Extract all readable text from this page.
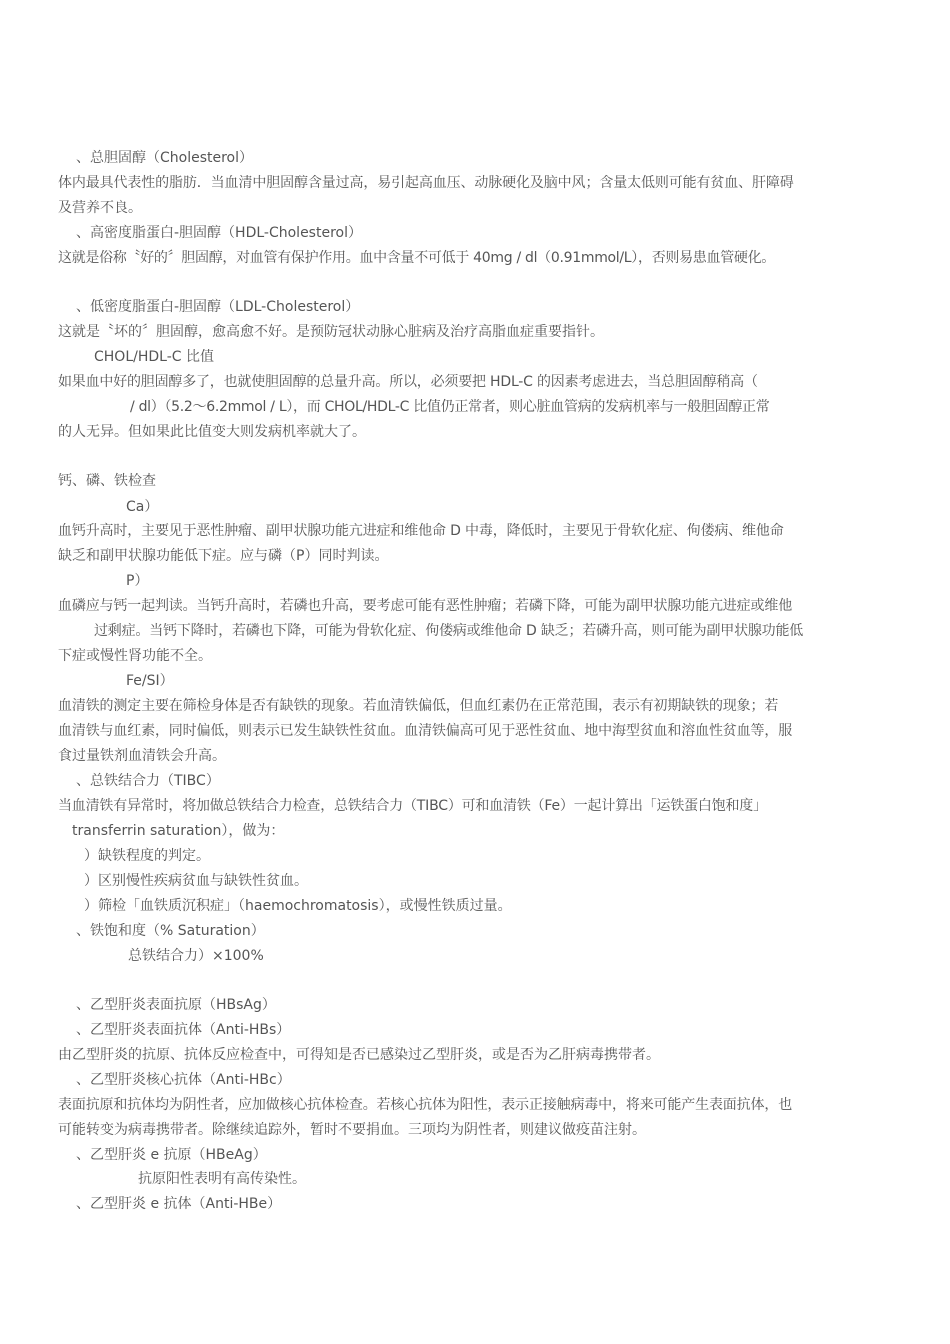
、总胆固醇（Cholesterol）
体内最具代表性的脂肪．当血清中胆固醇含量过高，易引起高血压、动脉硬化及脑中风；含量太低则可能有贫血、肝障碍
及营养不良。
、高密度脂蛋白-胆固醇（HDL-Cholesterol）
这就是俗称〝好的〞胆固醇，对血管有保护作用。血中含量不可低于 40mg / dl（0.91mmol/L），否则易患血管硬化。
、低密度脂蛋白-胆固醇（LDL-Cholesterol）
这就是〝坏的〞胆固醇，愈高愈不好。是预防冠状动脉心脏病及治疗高脂血症重要指针。
CHOL/HDL-C 比值
如果血中好的胆固醇多了，也就使胆固醇的总量升高。所以，必须要把 HDL-C 的因素考虑进去，当总胆固醇稍高（
/ dl）（5.2～6.2mmol / L），而 CHOL/HDL-C 比值仍正常者，则心脏血管病的发病机率与一般胆固醇正常
的人无异。但如果此比值变大则发病机率就大了。
钙、磷、铁检查
Ca）
血钙升高时，主要见于恶性肿瘤、副甲状腺功能亢进症和维他命 D 中毒，降低时，主要见于骨软化症、佝偻病、维他命
缺乏和副甲状腺功能低下症。应与磷（P）同时判读。
P）
血磷应与钙一起判读。当钙升高时，若磷也升高，要考虑可能有恶性肿瘤；若磷下降，可能为副甲状腺功能亢进症或维他
过剩症。当钙下降时，若磷也下降，可能为骨软化症、佝偻病或维他命 D 缺乏；若磷升高，则可能为副甲状腺功能低
下症或慢性肾功能不全。
Fe/SI）
血清铁的测定主要在筛检身体是否有缺铁的现象。若血清铁偏低，但血红素仍在正常范围，表示有初期缺铁的现象；若
血清铁与血红素，同时偏低，则表示已发生缺铁性贫血。血清铁偏高可见于恶性贫血、地中海型贫血和溶血性贫血等，服
食过量铁剂血清铁会升高。
、总铁结合力（TIBC）
当血清铁有异常时，将加做总铁结合力检查，总铁结合力（TIBC）可和血清铁（Fe）一起计算出「运铁蛋白饱和度」
transferrin saturation），做为：
）缺铁程度的判定。
）区别慢性疾病贫血与缺铁性贫血。
）筛检「血铁质沉积症」（haemochromatosis），或慢性铁质过量。
、铁饱和度（% Saturation）
总铁结合力）×100%
、乙型肝炎表面抗原（HBsAg）
、乙型肝炎表面抗体（Anti-HBs）
由乙型肝炎的抗原、抗体反应检查中，可得知是否已感染过乙型肝炎，或是否为乙肝病毒携带者。
、乙型肝炎核心抗体（Anti-HBc）
表面抗原和抗体均为阴性者，应加做核心抗体检查。若核心抗体为阳性，表示正接触病毒中，将来可能产生表面抗体，也
可能转变为病毒携带者。除继续追踪外，暂时不要捐血。三项均为阴性者，则建议做疫苗注射。
、乙型肝炎 e 抗原（HBeAg）
抗原阳性表明有高传染性。
、乙型肝炎 e 抗体（Anti-HBe）
